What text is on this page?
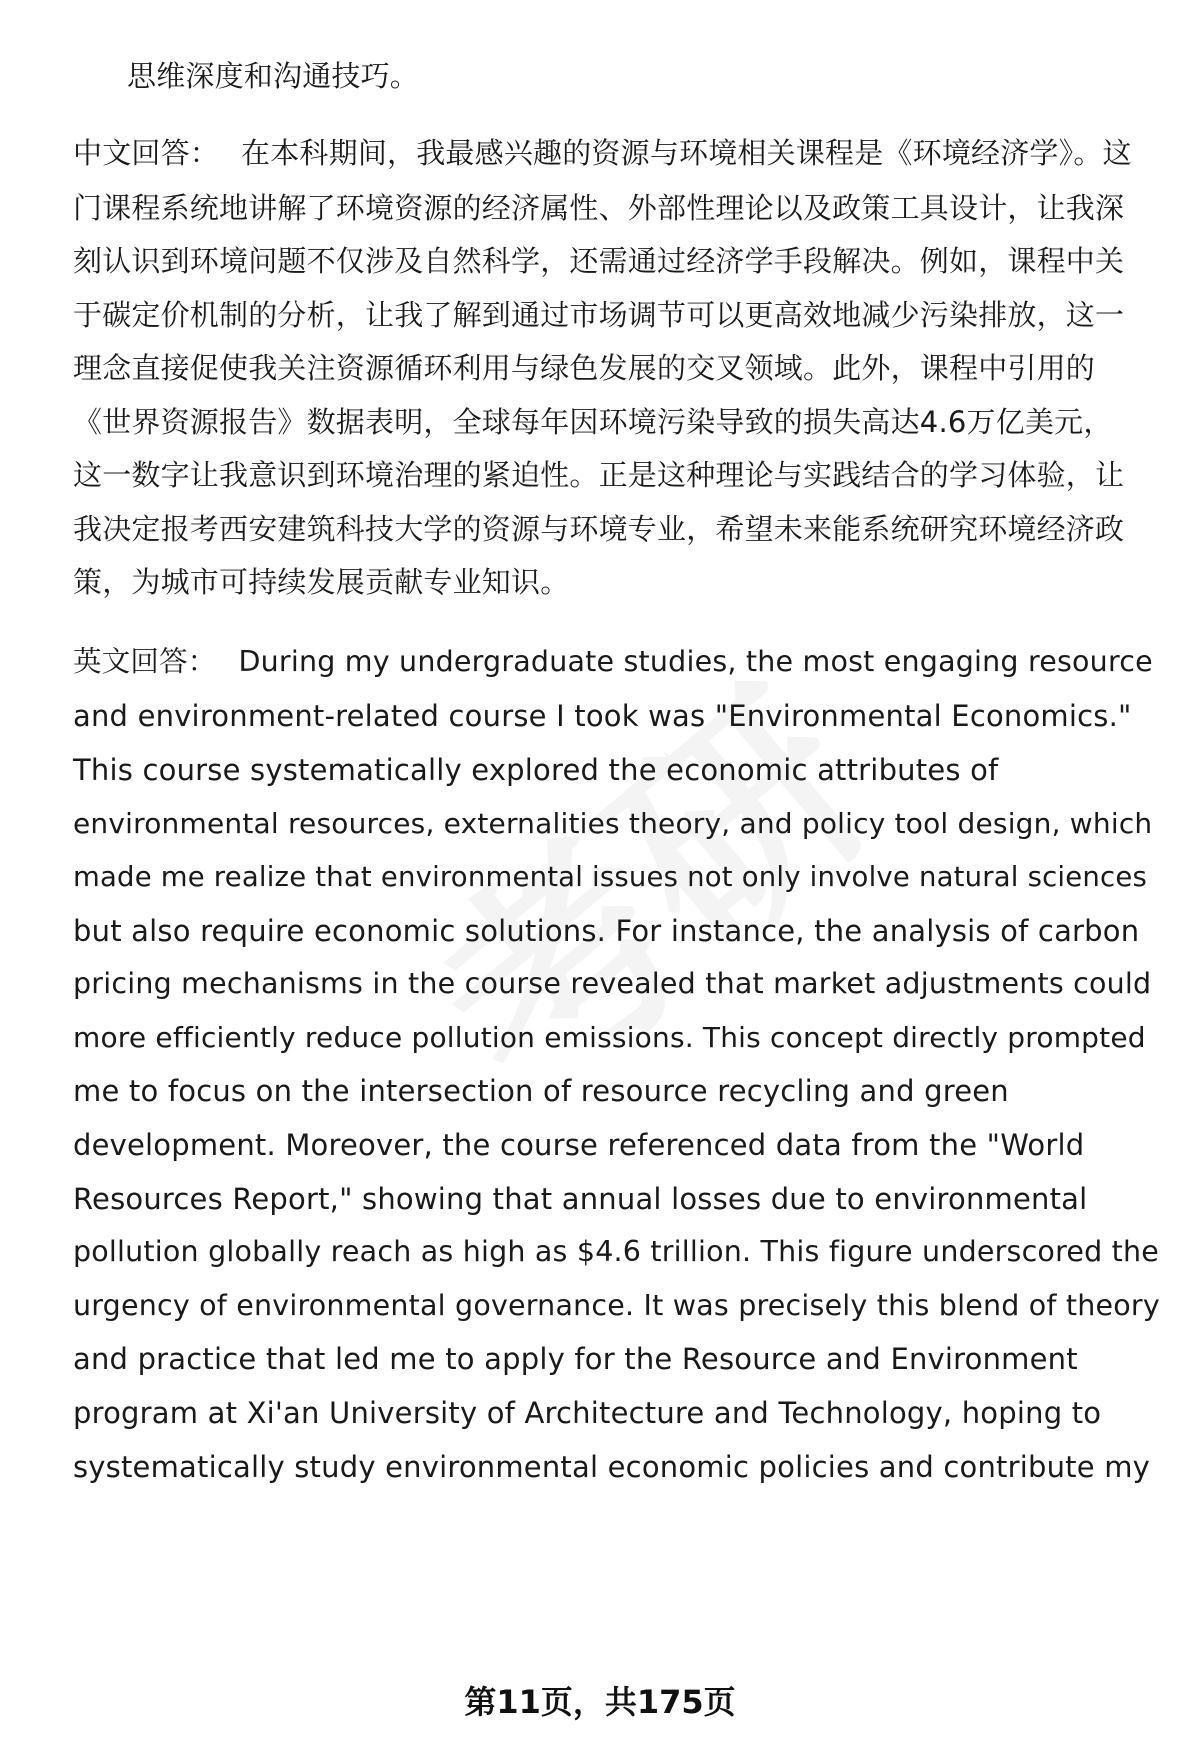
思维深度和沟通技巧。
中文回答： 在本科期间，我最感兴趣的资源与环境相关课程是《环境经济学》。这
门课程系统地讲解了环境资源的经济属性、外部性理论以及政策工具设计，让我深
刻认识到环境问题不仅涉及自然科学，还需通过经济学手段解决。例如，课程中关
于碳定价机制的分析，让我了解到通过市场调节可以更高效地减少污染排放，这一
理念直接促使我关注资源循环利用与绿色发展的交叉领域。此外，课程中引用的
《世界资源报告》数据表明，全球每年因环境污染导致的损失高达4.6万亿美元，
这一数字让我意识到环境治理的紧迫性。正是这种理论与实践结合的学习体验，让
我决定报考西安建筑科技大学的资源与环境专业，希望未来能系统研究环境经济政
策，为城市可持续发展贡献专业知识。
英文回答： During my undergraduate studies, the most engaging resource
and environment-related course I took was "Environmental Economics."
This course systematically explored the economic attributes of
environmental resources, externalities theory, and policy tool design, which
made me realize that environmental issues not only involve natural sciences
but also require economic solutions. For instance, the analysis of carbon
pricing mechanisms in the course revealed that market adjustments could
more efficiently reduce pollution emissions. This concept directly prompted
me to focus on the intersection of resource recycling and green
development. Moreover, the course referenced data from the "World
Resources Report," showing that annual losses due to environmental
pollution globally reach as high as $4.6 trillion. This figure underscored the
urgency of environmental governance. It was precisely this blend of theory
and practice that led me to apply for the Resource and Environment
program at Xi'an University of Architecture and Technology, hoping to
systematically study environmental economic policies and contribute my
第11页，共175页
